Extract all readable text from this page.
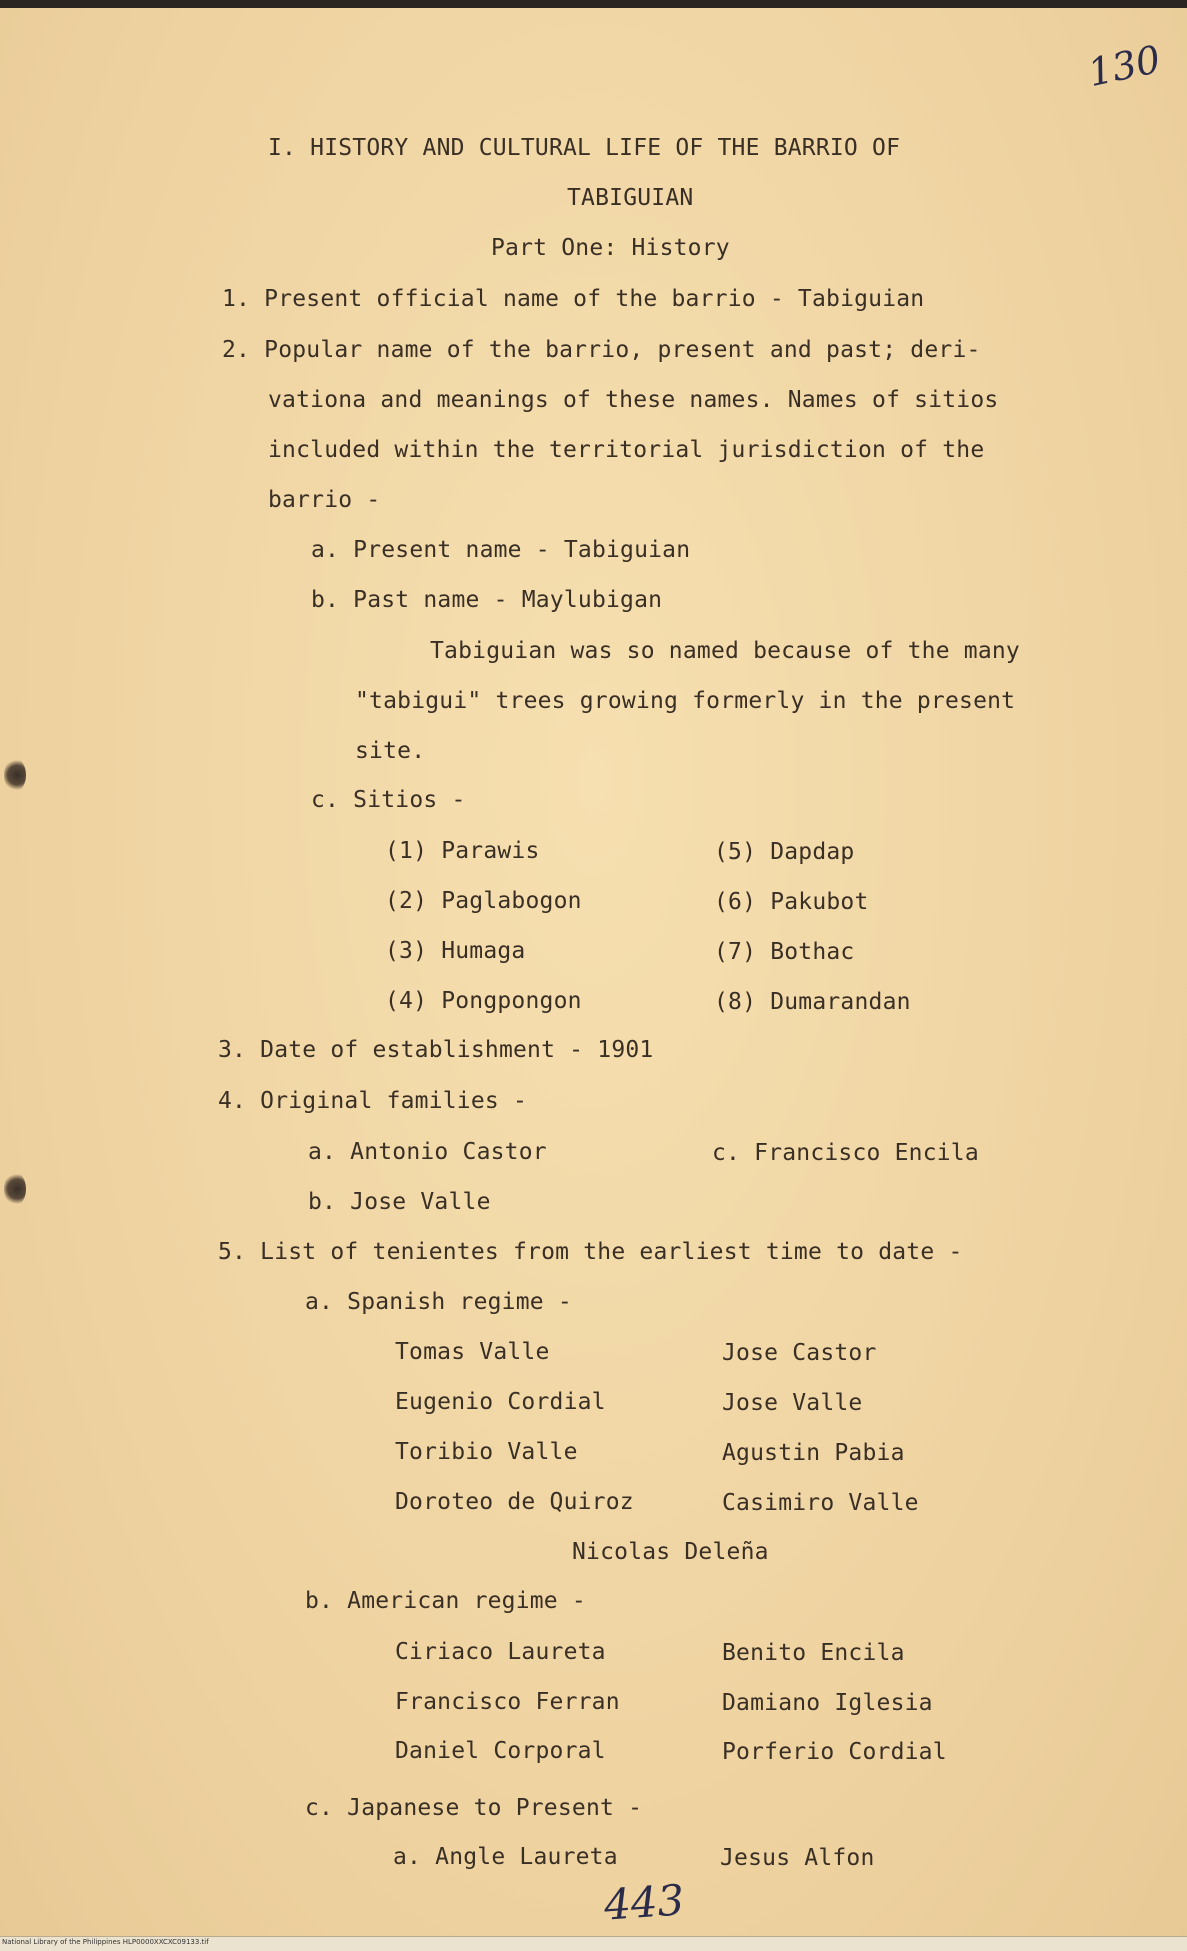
130
I. HISTORY AND CULTURAL LIFE OF THE BARRIO OF
TABIGUIAN
Part One: History
1. Present official name of the barrio - Tabiguian
2. Popular name of the barrio, present and past; deri-
vationa and meanings of these names. Names of sitios
included within the territorial jurisdiction of the
barrio -
a. Present name - Tabiguian
b. Past name - Maylubigan
Tabiguian was so named because of the many
"tabigui" trees growing formerly in the present
site.
c. Sitios -
(1) Parawis
(2) Paglabogon
(3) Humaga
(4) Pongpongon
(5) Dapdap
(6) Pakubot
(7) Bothac
(8) Dumarandan
3. Date of establishment - 1901
4. Original families -
a. Antonio Castor	c. Francisco Encila
b. Jose Valle
5. List of tenientes from the earliest time to date -
a. Spanish regime -
Tomas Valle
Eugenio Cordial
Toribio Valle
Doroteo de Quiroz
Jose Castor
Jose Valle
Agustin Pabia
Casimiro Valle
Nicolas Deleña
b. American regime -
Ciriaco Laureta
Francisco Ferran
Daniel Corporal
Benito Encila
Damiano Iglesia
Porferio Cordial
c. Japanese to Present -
a. Angle Laureta	Jesus Alfon
443
National Library of the Philippines HLP0000XXCXC09133.tif
